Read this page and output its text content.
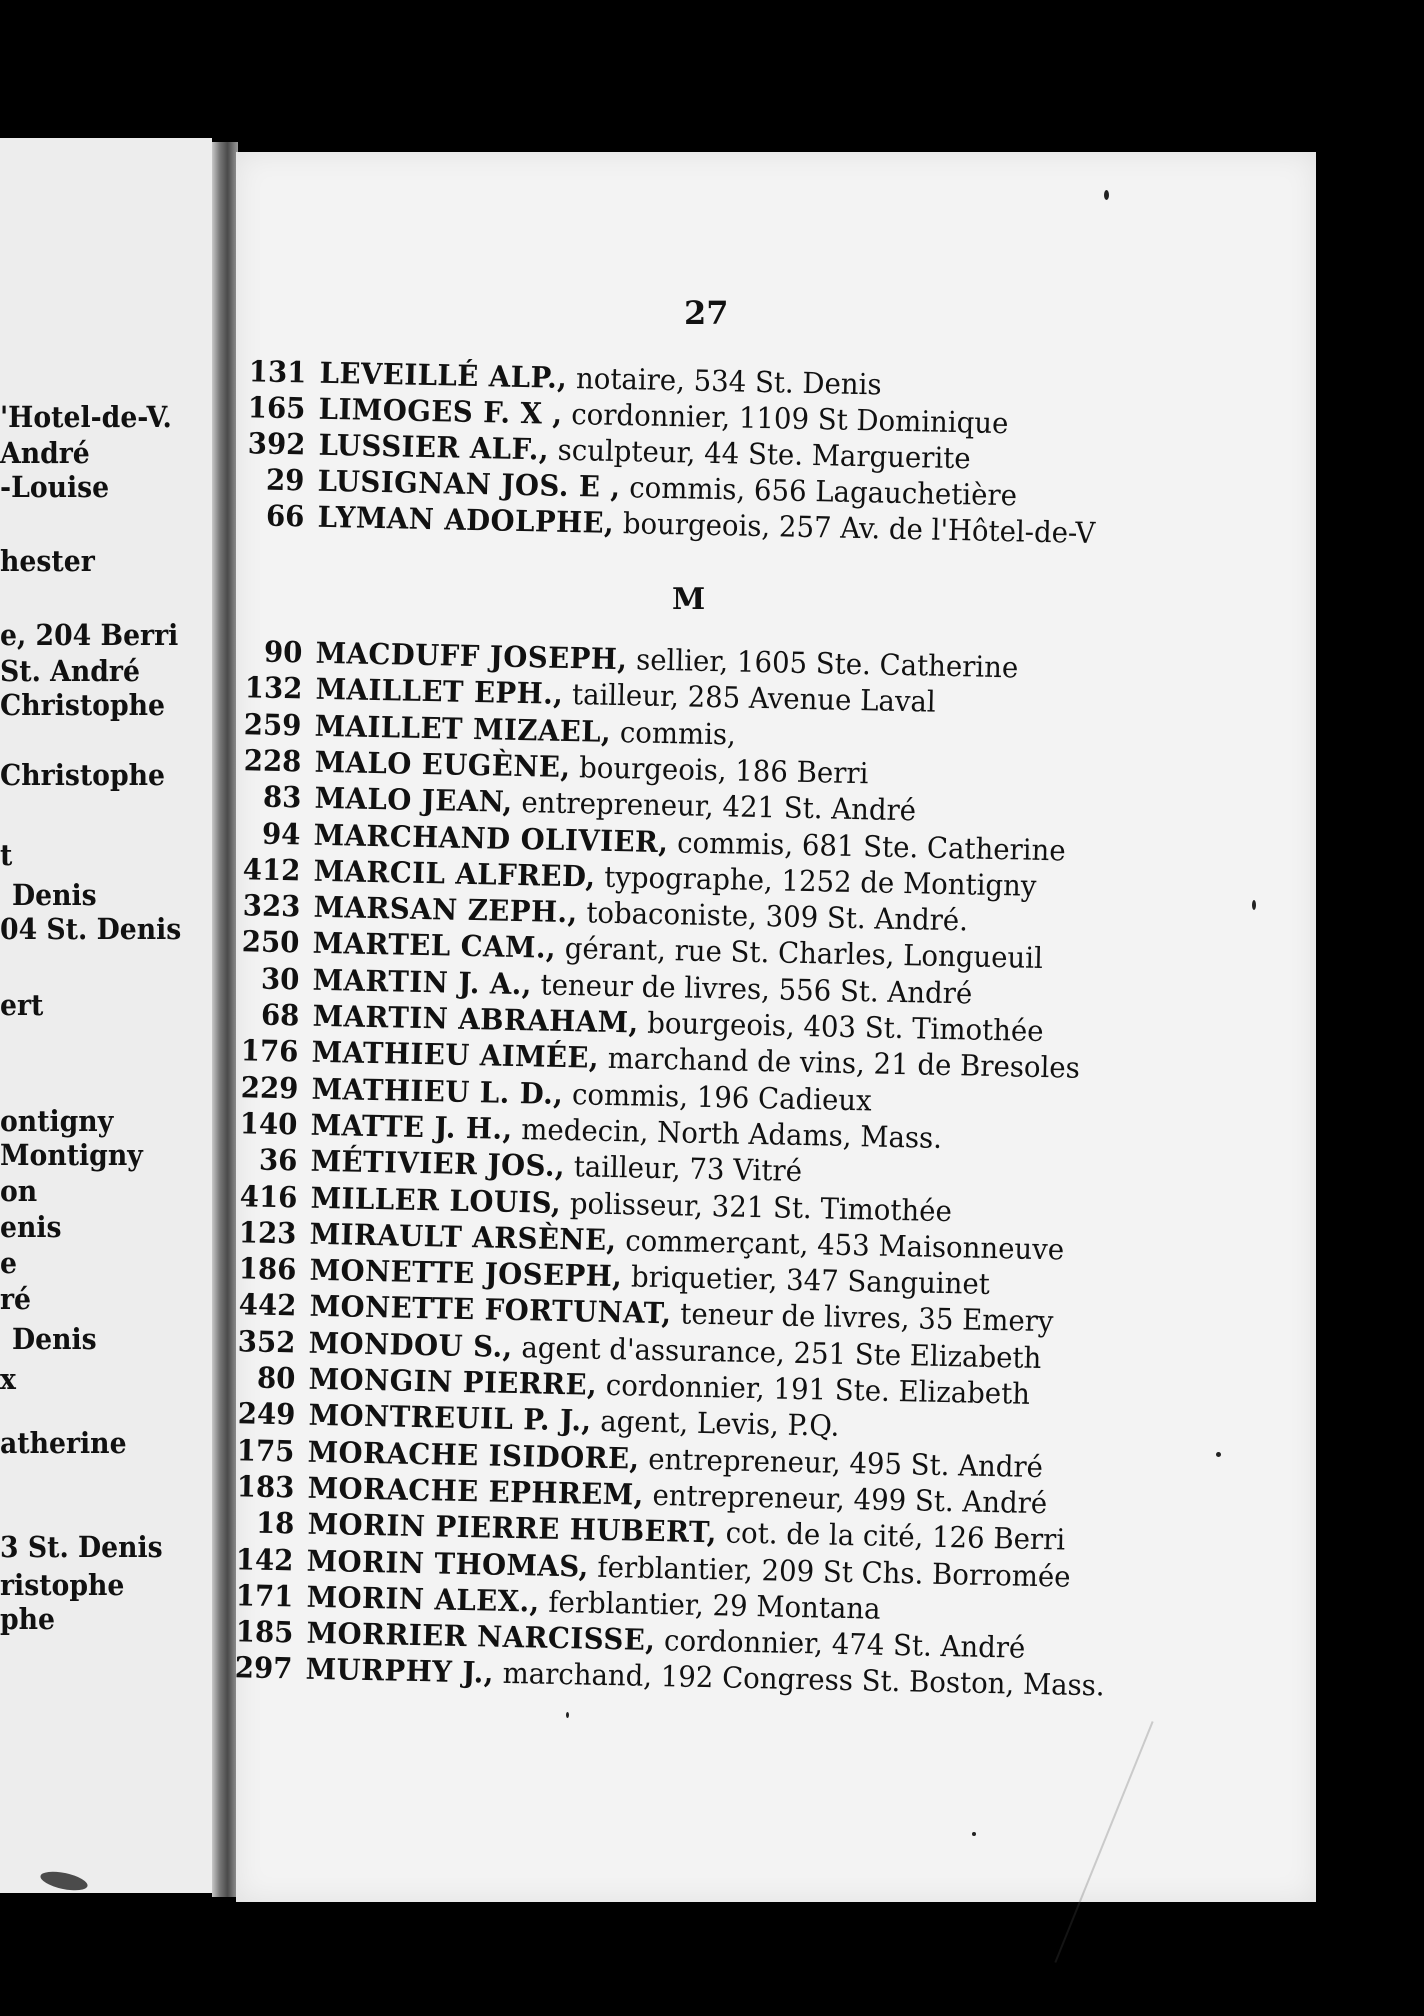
'Hotel-de-V.
André
-Louise
hester
e, 204 Berri
St. André
Christophe
Christophe
t
Denis
04 St. Denis
ert
ontigny
Montigny
on
enis
e
ré
Denis
x
atherine
3 St. Denis
ristophe
phe
27
M
131 LEVEILLÉ ALP., notaire, 534 St. Denis
165 LIMOGES F. X , cordonnier, 1109 St Dominique
392 LUSSIER ALF., sculpteur, 44 Ste. Marguerite
29 LUSIGNAN JOS. E , commis, 656 Lagauchetière
66 LYMAN ADOLPHE, bourgeois, 257 Av. de l'Hôtel-de-V
90 MACDUFF JOSEPH, sellier, 1605 Ste. Catherine
132 MAILLET EPH., tailleur, 285 Avenue Laval
259 MAILLET MIZAEL, commis,
228 MALO EUGÈNE, bourgeois, 186 Berri
83 MALO JEAN, entrepreneur, 421 St. André
94 MARCHAND OLIVIER, commis, 681 Ste. Catherine
412 MARCIL ALFRED, typographe, 1252 de Montigny
323 MARSAN ZEPH., tobaconiste, 309 St. André.
250 MARTEL CAM., gérant, rue St. Charles, Longueuil
30 MARTIN J. A., teneur de livres, 556 St. André
68 MARTIN ABRAHAM, bourgeois, 403 St. Timothée
176 MATHIEU AIMÉE, marchand de vins, 21 de Bresoles
229 MATHIEU L. D., commis, 196 Cadieux
140 MATTE J. H., medecin, North Adams, Mass.
36 MÉTIVIER JOS., tailleur, 73 Vitré
416 MILLER LOUIS, polisseur, 321 St. Timothée
123 MIRAULT ARSÈNE, commerçant, 453 Maisonneuve
186 MONETTE JOSEPH, briquetier, 347 Sanguinet
442 MONETTE FORTUNAT, teneur de livres, 35 Emery
352 MONDOU S., agent d'assurance, 251 Ste Elizabeth
80 MONGIN PIERRE, cordonnier, 191 Ste. Elizabeth
249 MONTREUIL P. J., agent, Levis, P.Q.
175 MORACHE ISIDORE, entrepreneur, 495 St. André
183 MORACHE EPHREM, entrepreneur, 499 St. André
18 MORIN PIERRE HUBERT, cot. de la cité, 126 Berri
142 MORIN THOMAS, ferblantier, 209 St Chs. Borromée
171 MORIN ALEX., ferblantier, 29 Montana
185 MORRIER NARCISSE, cordonnier, 474 St. André
297 MURPHY J., marchand, 192 Congress St. Boston, Mass.
